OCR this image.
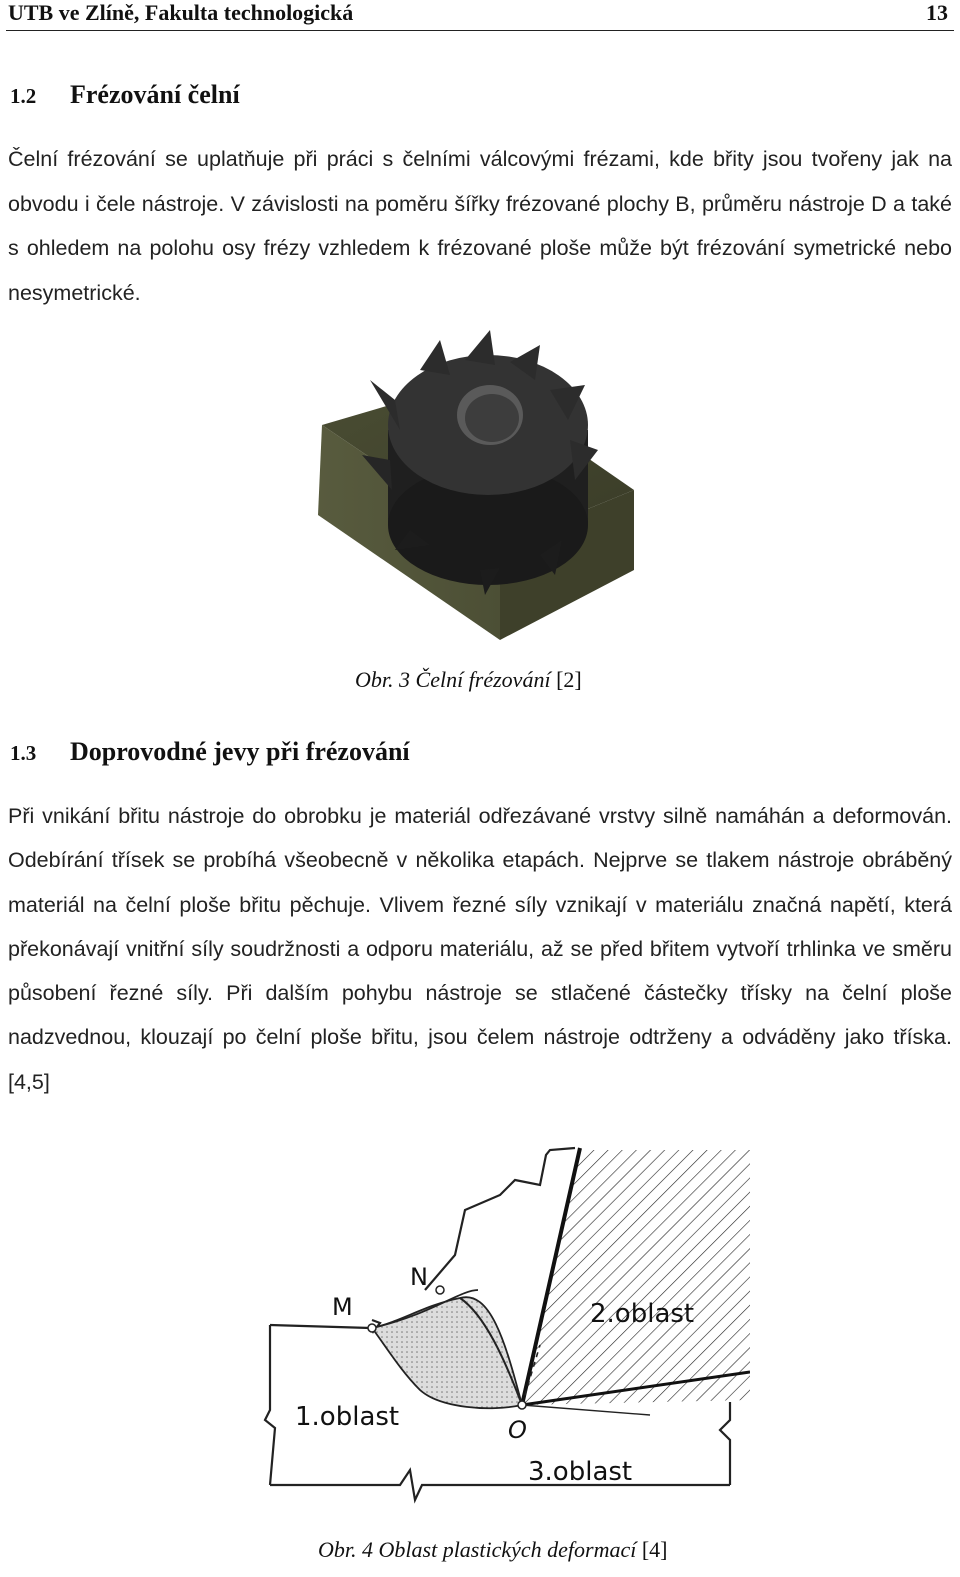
UTB ve Zlíně, Fakulta technologická	13
1.2 Frézování čelní
Čelní frézování se uplatňuje při práci s čelními válcovými frézami, kde břity jsou tvořeny jak na obvodu i čele nástroje. V závislosti na poměru šířky frézované plochy B, průměru nástroje D a také s ohledem na polohu osy frézy vzhledem k frézované ploše může být frézování symetrické nebo nesymetrické.
Obr. 3 Čelní frézování [2]
1.3 Doprovodné jevy při frézování
Při vnikání břitu nástroje do obrobku je materiál odřezávané vrstvy silně namáhán a deformován. Odebírání třísek se probíhá všeobecně v několika etapách. Nejprve se tlakem nástroje obráběný materiál na čelní ploše břitu pěchuje. Vlivem řezné síly vznikají v materiálu značná napětí, která překonávají vnitřní síly soudržnosti a odporu materiálu, až se před břitem vytvoří trhlinka ve směru působení řezné síly. Při dalším pohybu nástroje se stlačené částečky třísky na čelní ploše nadzvednou, klouzají po čelní ploše břitu, jsou čelem nástroje odtrženy a odváděny jako tříska. [4,5]
M
N
O
1.oblast
2.oblast
3.oblast
Obr. 4 Oblast plastických deformací [4]
